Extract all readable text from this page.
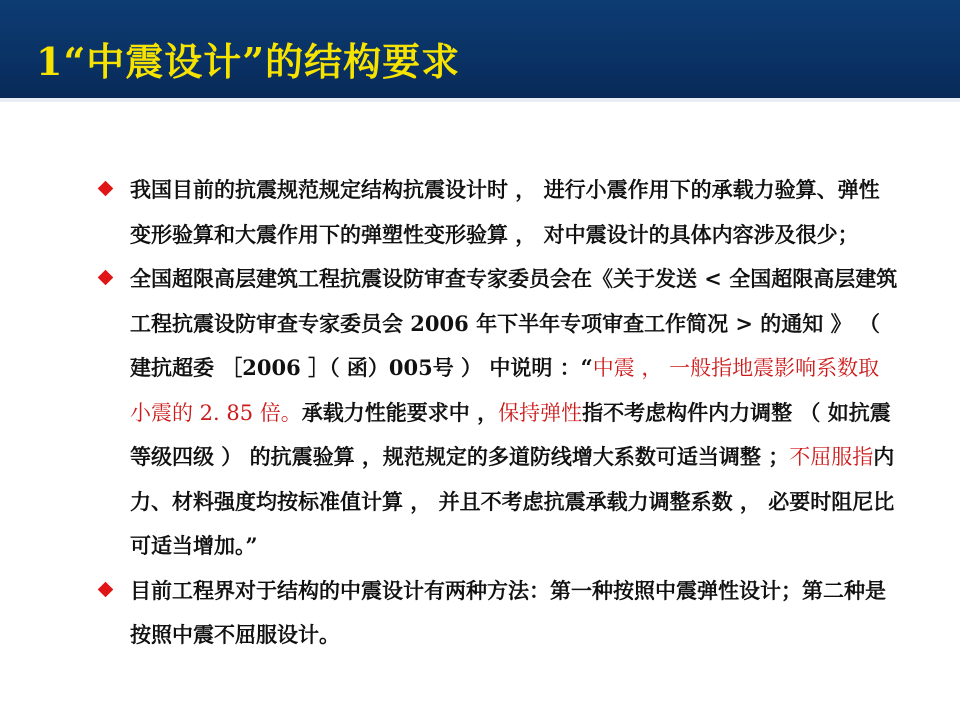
1“中震设计”的结构要求
我国目前的抗震规范规定结构抗震设计时 ， 进行小震作用下的承载力验算、弹性变形验算和大震作用下的弹塑性变形验算 ， 对中震设计的具体内容涉及很少；
全国超限高层建筑工程抗震设防审查专家委员会在《关于发送 < 全国超限高层建筑工程抗震设防审查专家委员会 2006 年下半年专项审查工作简况 > 的通知 》 （ 建抗超委 ［2006 ］（ 函）005号 ） 中说明 ：“中震 ， 一般指地震影响系数取小震的 2. 85 倍。承载力性能要求中 ，保持弹性指不考虑构件内力调整 （ 如抗震等级四级 ） 的抗震验算 ，规范规定的多道防线增大系数可适当调整 ；不屈服指内力、材料强度均按标准值计算 ， 并且不考虑抗震承载力调整系数 ， 必要时阻尼比可适当增加。”
目前工程界对于结构的中震设计有两种方法：第一种按照中震弹性设计；第二种是按照中震不屈服设计。
